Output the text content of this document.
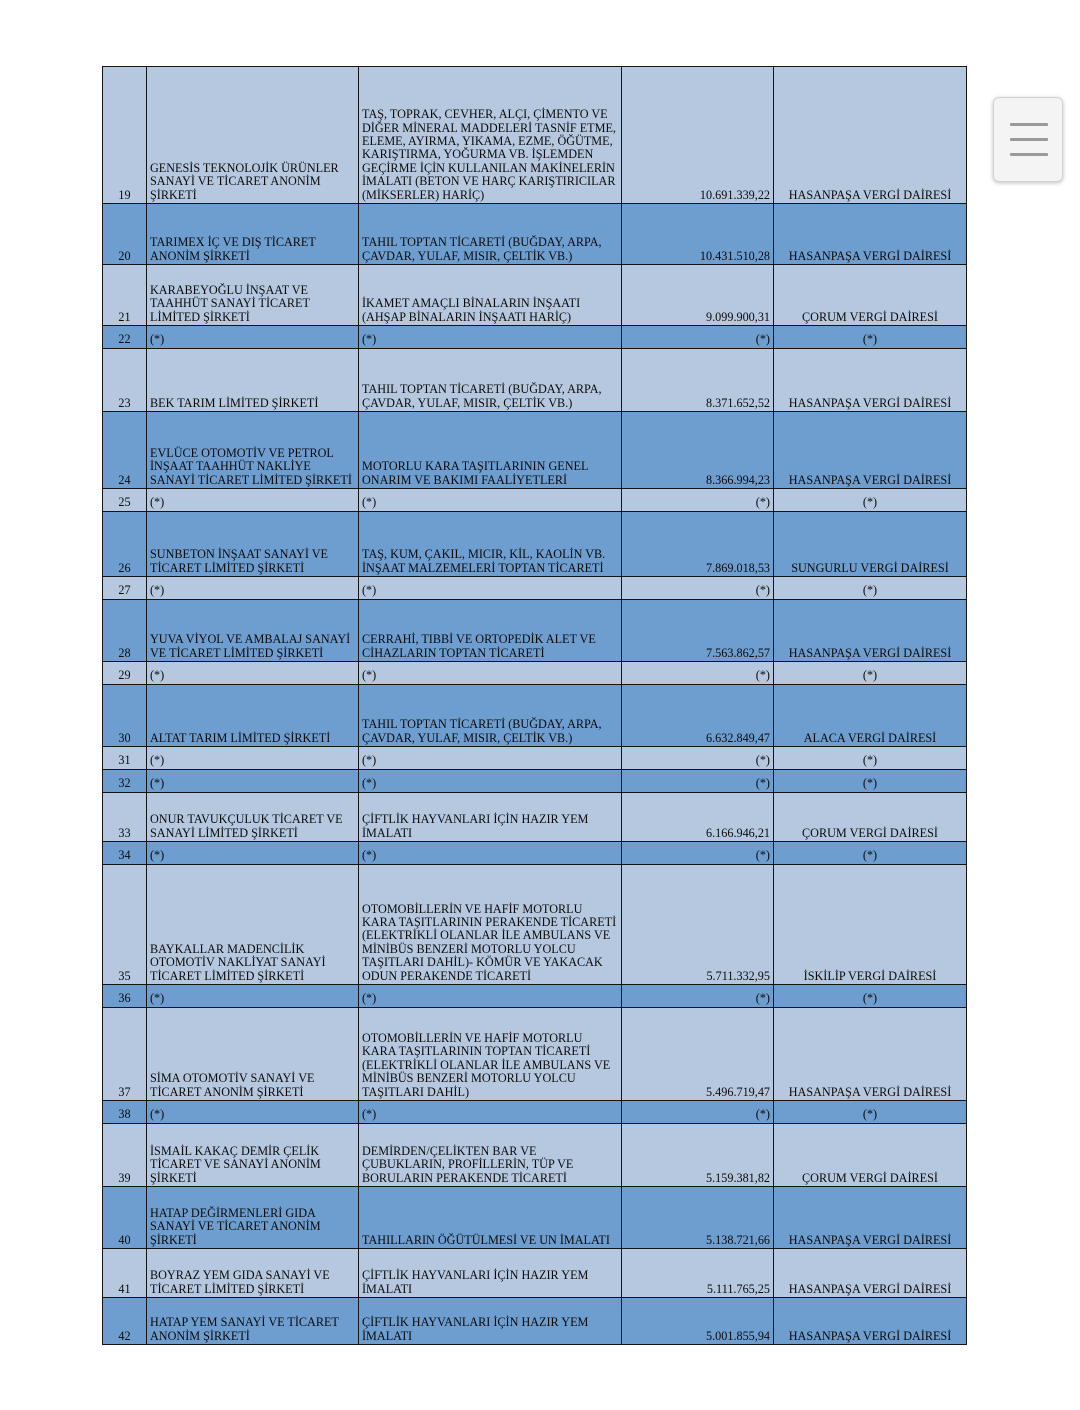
19	GENESİS TEKNOLOJİK ÜRÜNLER SANAYİ VE TİCARET ANONİM ŞİRKETİ	TAŞ, TOPRAK, CEVHER, ALÇI, ÇİMENTO VE DİĞER MİNERAL MADDELERİ TASNİF ETME, ELEME, AYIRMA, YIKAMA, EZME, ÖĞÜTME, KARIŞTIRMA, YOĞURMA VB. İŞLEMDEN GEÇİRME İÇİN KULLANILAN MAKİNELERİN İMALATI (BETON VE HARÇ KARIŞTIRICILAR (MİKSERLER) HARİÇ)	10.691.339,22	HASANPAŞA VERGİ DAİRESİ
20	TARIMEX İÇ VE DIŞ TİCARET ANONİM ŞİRKETİ	TAHIL TOPTAN TİCARETİ (BUĞDAY, ARPA, ÇAVDAR, YULAF, MISIR, ÇELTİK VB.)	10.431.510,28	HASANPAŞA VERGİ DAİRESİ
21	KARABEYOĞLU İNŞAAT VE TAAHHÜT SANAYİ TİCARET LİMİTED ŞİRKETİ	İKAMET AMAÇLI BİNALARIN İNŞAATI (AHŞAP BİNALARIN İNŞAATI HARİÇ)	9.099.900,31	ÇORUM VERGİ DAİRESİ
22	(*)	(*)	(*)	(*)
23	BEK TARIM LİMİTED ŞİRKETİ	TAHIL TOPTAN TİCARETİ (BUĞDAY, ARPA, ÇAVDAR, YULAF, MISIR, ÇELTİK VB.)	8.371.652,52	HASANPAŞA VERGİ DAİRESİ
24	EVLÜCE OTOMOTİV VE PETROL İNŞAAT TAAHHÜT NAKLİYE SANAYİ TİCARET LİMİTED ŞİRKETİ	MOTORLU KARA TAŞITLARININ GENEL ONARIM VE BAKIMI FAALİYETLERİ	8.366.994,23	HASANPAŞA VERGİ DAİRESİ
25	(*)	(*)	(*)	(*)
26	SUNBETON İNŞAAT SANAYİ VE TİCARET LİMİTED ŞİRKETİ	TAŞ, KUM, ÇAKIL, MICIR, KİL, KAOLİN VB. İNŞAAT MALZEMELERİ TOPTAN TİCARETİ	7.869.018,53	SUNGURLU VERGİ DAİRESİ
27	(*)	(*)	(*)	(*)
28	YUVA VİYOL VE AMBALAJ SANAYİ VE TİCARET LİMİTED ŞİRKETİ	CERRAHİ, TIBBİ VE ORTOPEDİK ALET VE CİHAZLARIN TOPTAN TİCARETİ	7.563.862,57	HASANPAŞA VERGİ DAİRESİ
29	(*)	(*)	(*)	(*)
30	ALTAT TARIM LİMİTED ŞİRKETİ	TAHIL TOPTAN TİCARETİ (BUĞDAY, ARPA, ÇAVDAR, YULAF, MISIR, ÇELTİK VB.)	6.632.849,47	ALACA VERGİ DAİRESİ
31	(*)	(*)	(*)	(*)
32	(*)	(*)	(*)	(*)
33	ONUR TAVUKÇULUK TİCARET VE SANAYİ LİMİTED ŞİRKETİ	ÇİFTLİK HAYVANLARI İÇİN HAZIR YEM İMALATI	6.166.946,21	ÇORUM VERGİ DAİRESİ
34	(*)	(*)	(*)	(*)
35	BAYKALLAR MADENCİLİK OTOMOTİV NAKLİYAT SANAYİ TİCARET LİMİTED ŞİRKETİ	OTOMOBİLLERİN VE HAFİF MOTORLU KARA TAŞITLARININ PERAKENDE TİCARETİ (ELEKTRİKLİ OLANLAR İLE AMBULANS VE MİNİBÜS BENZERİ MOTORLU YOLCU TAŞITLARI DAHİL)- KÖMÜR VE YAKACAK ODUN PERAKENDE TİCARETİ	5.711.332,95	İSKİLİP VERGİ DAİRESİ
36	(*)	(*)	(*)	(*)
37	SİMA OTOMOTİV SANAYİ VE TİCARET ANONİM ŞİRKETİ	OTOMOBİLLERİN VE HAFİF MOTORLU KARA TAŞITLARININ TOPTAN TİCARETİ (ELEKTRİKLİ OLANLAR İLE AMBULANS VE MİNİBÜS BENZERİ MOTORLU YOLCU TAŞITLARI DAHİL)	5.496.719,47	HASANPAŞA VERGİ DAİRESİ
38	(*)	(*)	(*)	(*)
39	İSMAİL KAKAÇ DEMİR ÇELİK TİCARET VE SANAYİ ANONİM ŞİRKETİ	DEMİRDEN/ÇELİKTEN BAR VE ÇUBUKLARIN, PROFİLLERİN, TÜP VE BORULARIN PERAKENDE TİCARETİ	5.159.381,82	ÇORUM VERGİ DAİRESİ
40	HATAP DEĞİRMENLERİ GIDA SANAYİ VE TİCARET ANONİM ŞİRKETİ	TAHILLARIN ÖĞÜTÜLMESİ VE UN İMALATI	5.138.721,66	HASANPAŞA VERGİ DAİRESİ
41	BOYRAZ YEM GIDA SANAYİ VE TİCARET LİMİTED ŞİRKETİ	ÇİFTLİK HAYVANLARI İÇİN HAZIR YEM İMALATI	5.111.765,25	HASANPAŞA VERGİ DAİRESİ
42	HATAP YEM SANAYİ VE TİCARET ANONİM ŞİRKETİ	ÇİFTLİK HAYVANLARI İÇİN HAZIR YEM İMALATI	5.001.855,94	HASANPAŞA VERGİ DAİRESİ
